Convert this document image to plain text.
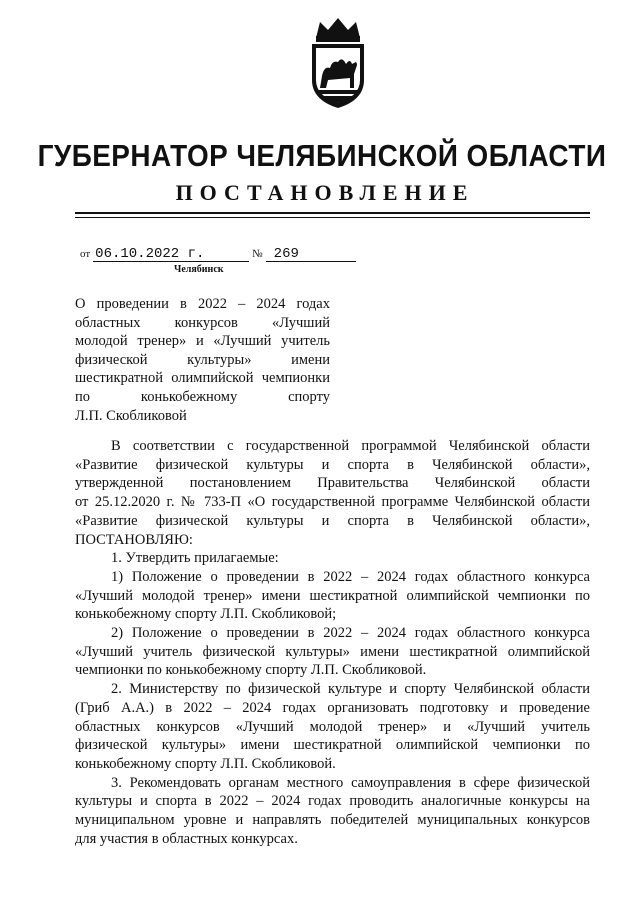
ГУБЕРНАТОР ЧЕЛЯБИНСКОЙ ОБЛАСТИ
ПОСТАНОВЛЕНИЕ
от 06.10.2022 г.	№ 269
Челябинск
О проведении в 2022 – 2024 годах
областных конкурсов «Лучший
молодой тренер» и «Лучший учитель
физической культуры» имени
шестикратной олимпийской чемпионки
по конькобежному спорту
Л.П. Скобликовой
В соответствии с государственной программой Челябинской области
«Развитие физической культуры и спорта в Челябинской области»,
утвержденной постановлением Правительства Челябинской области
от 25.12.2020 г. № 733-П «О государственной программе Челябинской области
«Развитие физической культуры и спорта в Челябинской области»,
ПОСТАНОВЛЯЮ:
1. Утвердить прилагаемые:
1) Положение о проведении в 2022 – 2024 годах областного конкурса
«Лучший молодой тренер» имени шестикратной олимпийской чемпионки по
конькобежному спорту Л.П. Скобликовой;
2) Положение о проведении в 2022 – 2024 годах областного конкурса
«Лучший учитель физической культуры» имени шестикратной олимпийской
чемпионки по конькобежному спорту Л.П. Скобликовой.
2. Министерству по физической культуре и спорту Челябинской области
(Гриб А.А.) в 2022 – 2024 годах организовать подготовку и проведение
областных конкурсов «Лучший молодой тренер» и «Лучший учитель
физической культуры» имени шестикратной олимпийской чемпионки по
конькобежному спорту Л.П. Скобликовой.
3. Рекомендовать органам местного самоуправления в сфере физической
культуры и спорта в 2022 – 2024 годах проводить аналогичные конкурсы на
муниципальном уровне и направлять победителей муниципальных конкурсов
для участия в областных конкурсах.
